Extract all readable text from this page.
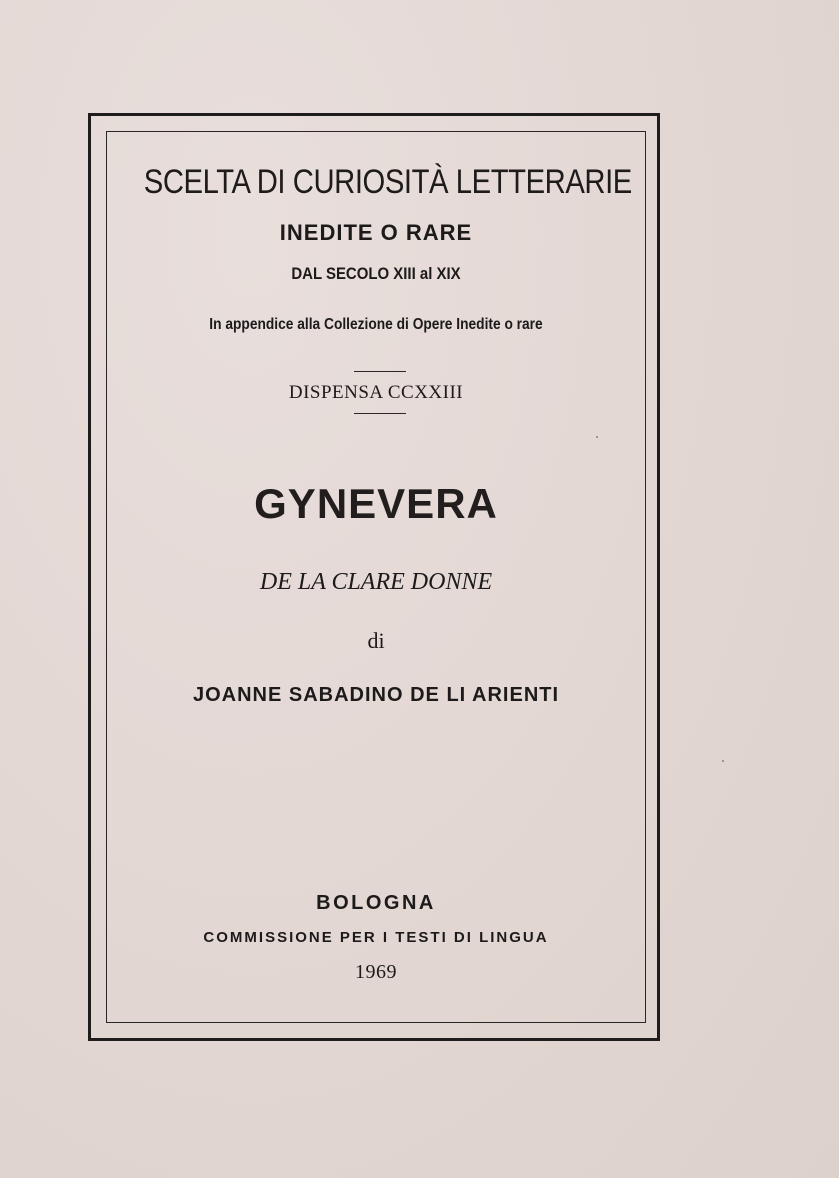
SCELTA DI CURIOSITÀ LETTERARIE
INEDITE O RARE
DAL SECOLO XIII al XIX
In appendice alla Collezione di Opere Inedite o rare
DISPENSA CCXXIII
GYNEVERA
DE LA CLARE DONNE
di
JOANNE SABADINO DE LI ARIENTI
BOLOGNA
COMMISSIONE PER I TESTI DI LINGUA
1969
